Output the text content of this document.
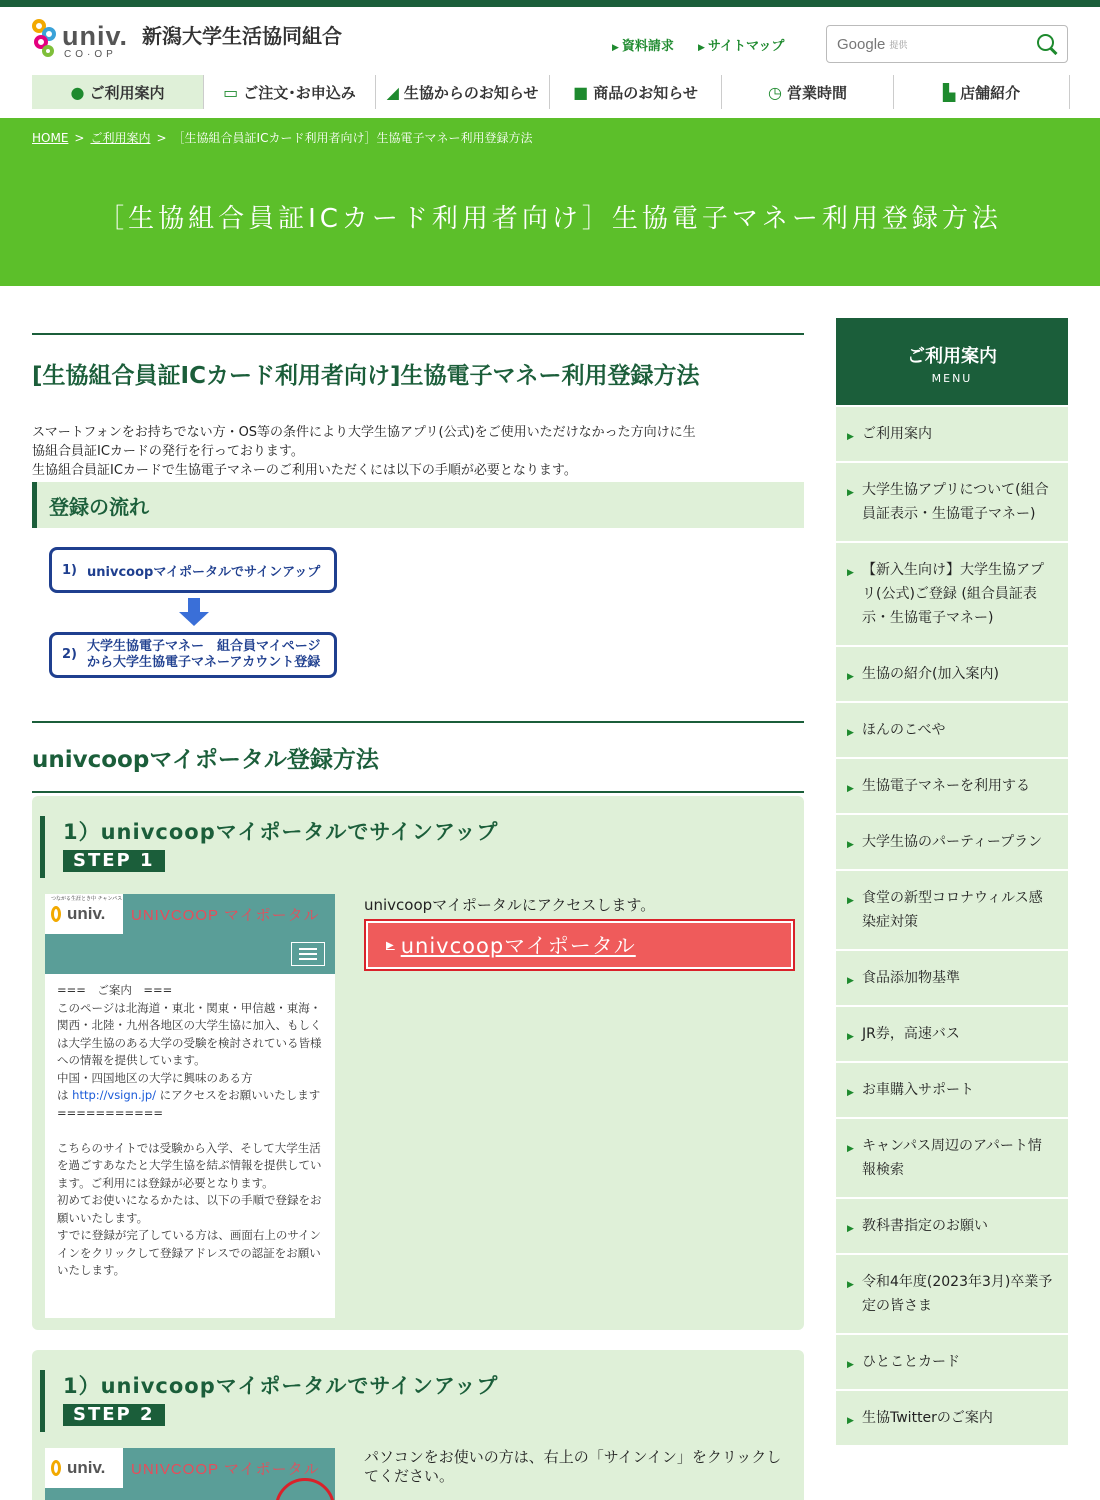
univ.
CO·OP
新潟大学生活協同組合	▶ 資料請求	▶ サイトマップ	Google 提供
● ご利用案内	▭ ご注文･お申込み ◢ 生協からのお知らせ ■ 商品のお知らせ	◷ 営業時間	▙ 店舗紹介
HOME > ご利用案内 > ［生協組合員証ICカード利用者向け］生協電子マネー利用登録方法
［生協組合員証ICカード利用者向け］生協電子マネー利用登録方法
[生協組合員証ICカード利用者向け]生協電子マネー利用登録方法
スマートフォンをお持ちでない方・OS等の条件により大学生協アプリ(公式)をご使用いただけなかった方向けに生
協組合員証ICカードの発行を行っております。
生協組合員証ICカードで生協電子マネーのご利用いただくには以下の手順が必要となります。
登録の流れ
1) univcoopマイポータルでサインアップ
2)
大学生協電子マネー　組合員マイページ
から大学生協電子マネーアカウント登録
univcoopマイポータル登録方法
1）univcoopマイポータルでサインアップ
STEP 1
つながる生涯とき中 チャンパス
univ. UNIVCOOP マイポータル
===　ご案内　===
このページは北海道・東北・関東・甲信越・東海・関西・北陸・九州各地区の大学生協に加入、もしくは大学生協のある大学の受験を検討されている皆様への情報を提供しています。
中国・四国地区の大学に興味のある方
は http://vsign.jp/ にアクセスをお願いいたします
===========

こちらのサイトでは受験から入学、そして大学生活を過ごすあなたと大学生協を結ぶ情報を提供しています。ご利用には登録が必要となります。
初めてお使いになるかたは、以下の手順で登録をお願いいたします。
すでに登録が完了している方は、画面右上のサインインをクリックして登録アドレスでの認証をお願いいたします。
univcoopマイポータルにアクセスします。
▶ univcoopマイポータル
1）univcoopマイポータルでサインアップ
STEP 2
univ. UNIVCOOP マイポータル
パソコンをお使いの方は、右上の「サインイン」をクリックしてください。
ご利用案内
MENU
▶ ご利用案内
▶ 大学生協アプリについて(組合員証表示・生協電子マネー)
▶ 【新入生向け】大学生協アプリ(公式)ご登録 (組合員証表示・生協電子マネー)
▶ 生協の紹介(加入案内)
▶ ほんのこべや
▶ 生協電子マネーを利用する
▶ 大学生協のパーティープラン
▶ 食堂の新型コロナウィルス感染症対策
▶ 食品添加物基準
▶ JR券，高速バス
▶ お車購入サポート
▶ キャンパス周辺のアパート情報検索
▶ 教科書指定のお願い
▶ 令和4年度(2023年3月)卒業予定の皆さま
▶ ひとことカード
▶ 生協Twitterのご案内
